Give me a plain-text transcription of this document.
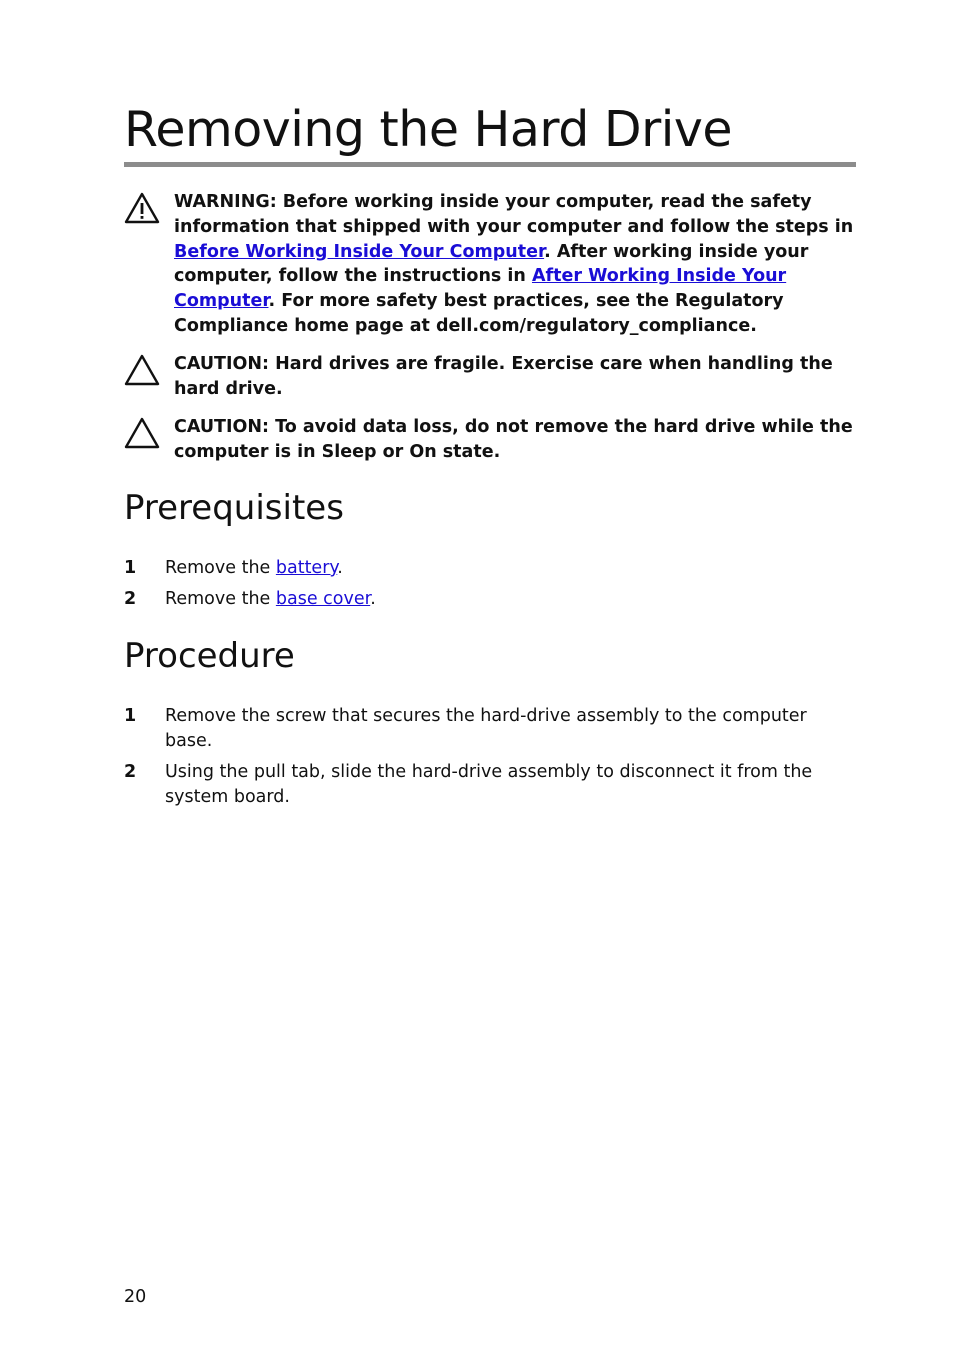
Removing the Hard Drive
WARNING: Before working inside your computer, read the safety information that shipped with your computer and follow the steps in Before Working Inside Your Computer. After working inside your computer, follow the instructions in After Working Inside Your Computer. For more safety best practices, see the Regulatory Compliance home page at dell.com/regulatory_compliance.
CAUTION: Hard drives are fragile. Exercise care when handling the hard drive.
CAUTION: To avoid data loss, do not remove the hard drive while the computer is in Sleep or On state.
Prerequisites
1 Remove the battery.
2 Remove the base cover.
Procedure
1 Remove the screw that secures the hard-drive assembly to the computer base.
2 Using the pull tab, slide the hard-drive assembly to disconnect it from the system board.
20
